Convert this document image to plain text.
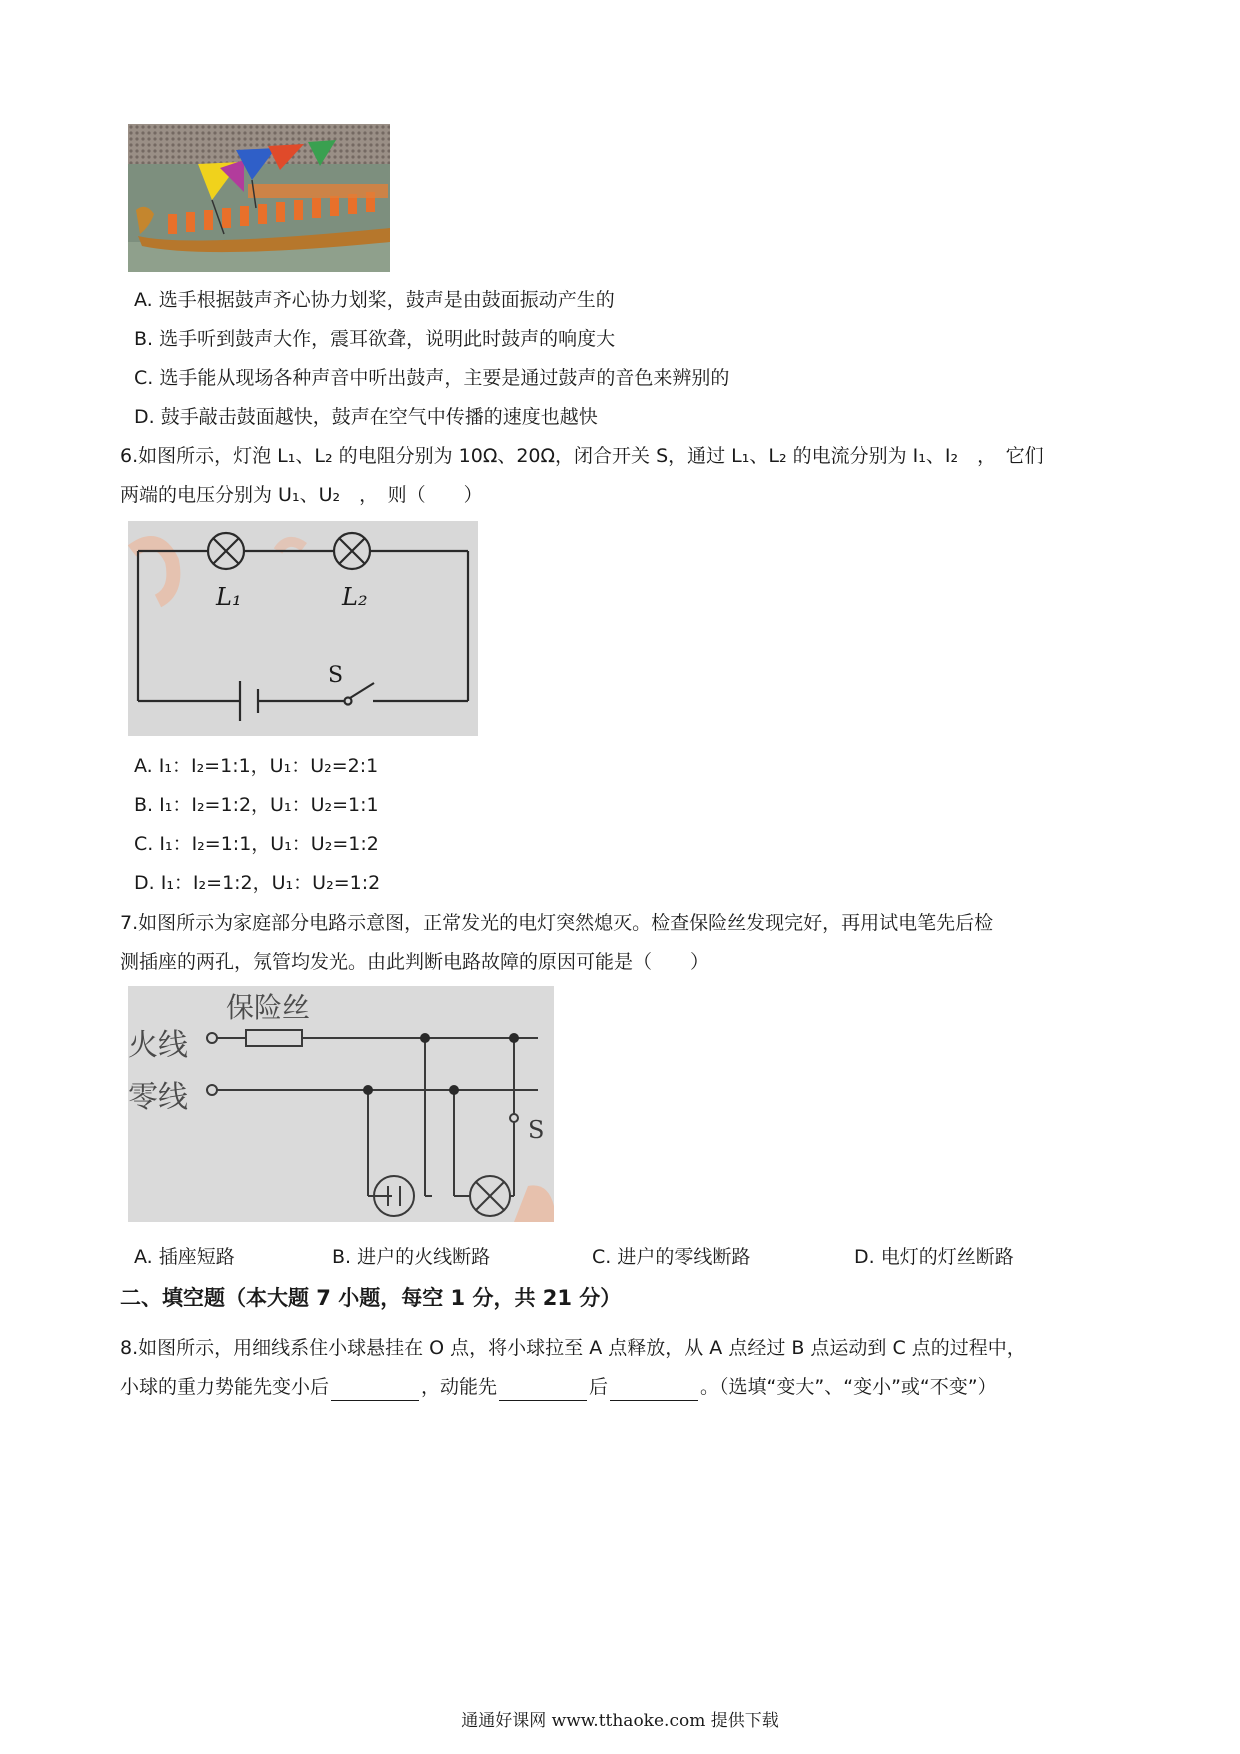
A. 选手根据鼓声齐心协力划桨，鼓声是由鼓面振动产生的
B. 选手听到鼓声大作，震耳欲聋，说明此时鼓声的响度大
C. 选手能从现场各种声音中听出鼓声，主要是通过鼓声的音色来辨别的
D. 鼓手敲击鼓面越快，鼓声在空气中传播的速度也越快
6.如图所示，灯泡 L₁、L₂ 的电阻分别为 10Ω、20Ω，闭合开关 S，通过 L₁、L₂ 的电流分别为 I₁、I₂　，　它们
两端的电压分别为 U₁、U₂　，　则（　　）
L₁	L₂
S
A. I₁：I₂=1:1，U₁：U₂=2:1
B. I₁：I₂=1:2，U₁：U₂=1:1
C. I₁：I₂=1:1，U₁：U₂=1:2
D. I₁：I₂=1:2，U₁：U₂=1:2
7.如图所示为家庭部分电路示意图，正常发光的电灯突然熄灭。检查保险丝发现完好，再用试电笔先后检
测插座的两孔，氖管均发光。由此判断电路故障的原因可能是（　　）
保险丝
火线
零线
S
A. 插座短路	B. 进户的火线断路	C. 进户的零线断路	D. 电灯的灯丝断路
二、填空题（本大题 7 小题，每空 1 分，共 21 分）
8.如图所示，用细线系住小球悬挂在 O 点，将小球拉至 A 点释放，从 A 点经过 B 点运动到 C 点的过程中，
小球的重力势能先变小后	，动能先	后	。（选填“变大”、“变小”或“不变”）
通通好课网 www.tthaoke.com 提供下载
